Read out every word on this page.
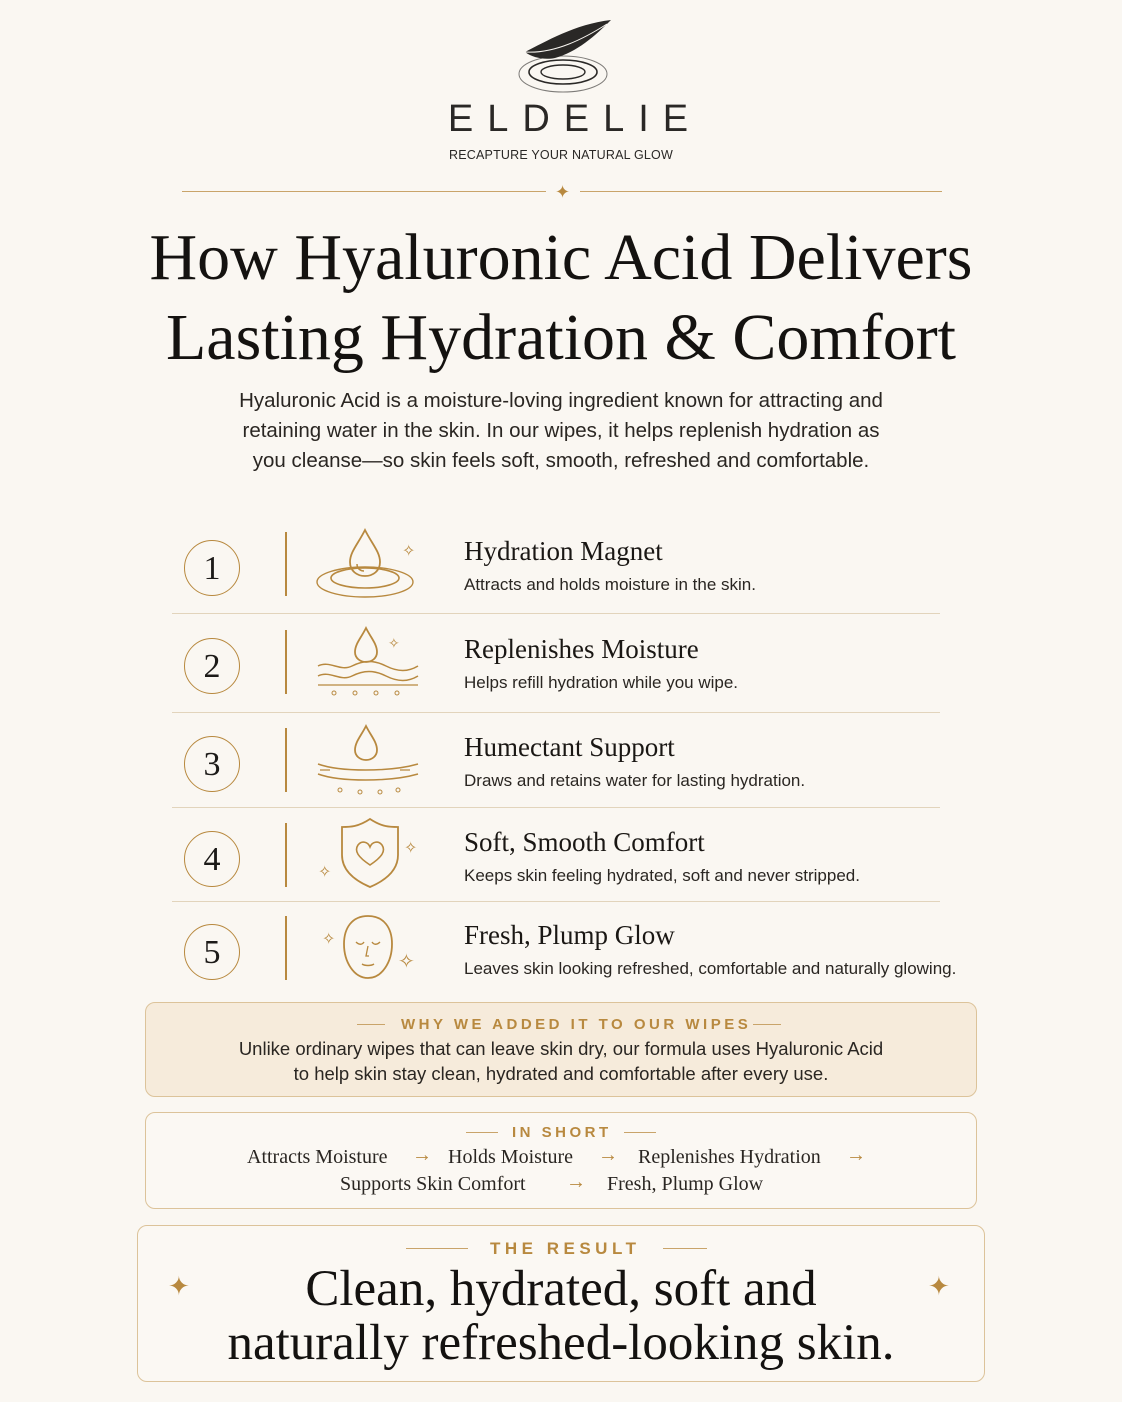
ELDELIE
RECAPTURE YOUR NATURAL GLOW
✦
How Hyaluronic Acid Delivers
Lasting Hydration & Comfort
Hyaluronic Acid is a moisture-loving ingredient known for attracting and retaining water in the skin. In our wipes, it helps replenish hydration as you cleanse—so skin feels soft, smooth, refreshed and comfortable.
1	✧ Hydration Magnet
Attracts and holds moisture in the skin.
2
✧ Replenishes Moisture
Helps refill hydration while you wipe.
3	Humectant Support
Draws and retains water for lasting hydration.
4	✧
✧
Soft, Smooth Comfort
Keeps skin feeling hydrated, soft and never stripped.
5	✧
✧
Fresh, Plump Glow
Leaves skin looking refreshed, comfortable and naturally glowing.
WHY WE ADDED IT TO OUR WIPES
Unlike ordinary wipes that can leave skin dry, our formula uses Hyaluronic Acid
to help skin stay clean, hydrated and comfortable after every use.
IN SHORT
Attracts Moisture → Holds Moisture → Replenishes Hydration →
Supports Skin Comfort → Fresh, Plump Glow
THE RESULT
✦	✦
Clean, hydrated, soft and
naturally refreshed-looking skin.
